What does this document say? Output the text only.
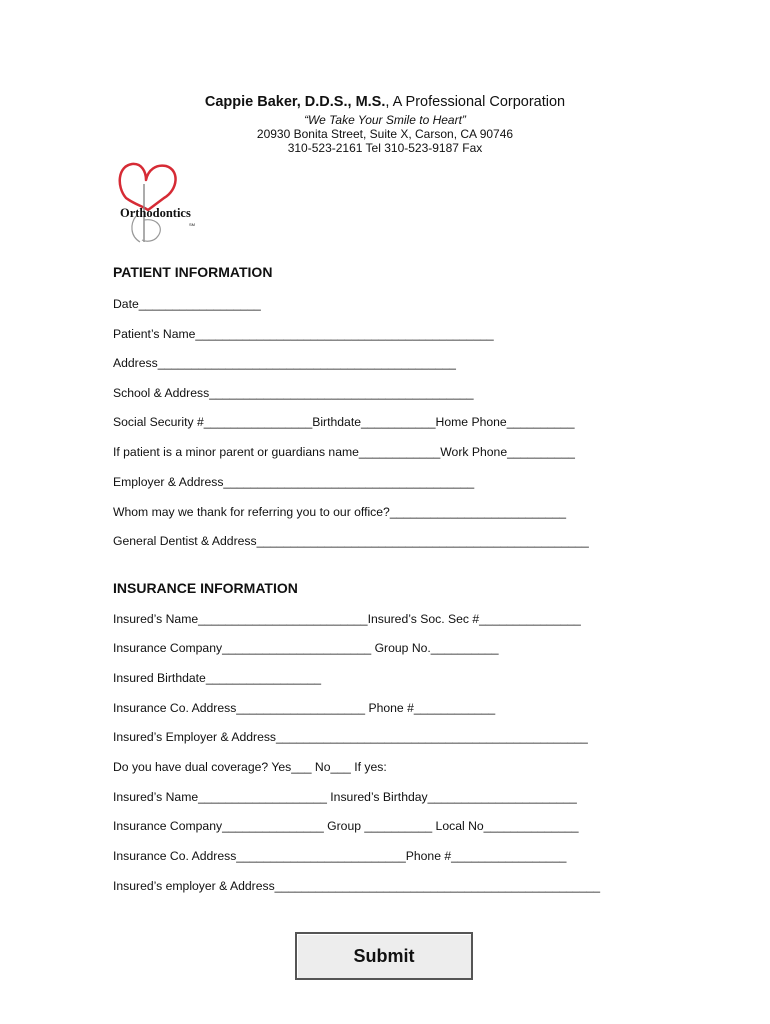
Cappie Baker, D.D.S., M.S., A Professional Corporation
“We Take Your Smile to Heart”
20930 Bonita Street, Suite X, Carson, CA 90746
310-523-2161 Tel 310-523-9187 Fax
Orthodontics
SM
PATIENT INFORMATION
Date__________________
Patient’s Name____________________________________________
Address____________________________________________
School & Address_______________________________________
Social Security #________________Birthdate___________Home Phone__________
If patient is a minor parent or guardians name____________Work Phone__________
Employer & Address_____________________________________
Whom may we thank for referring you to our office?__________________________
General Dentist & Address_________________________________________________
INSURANCE INFORMATION
Insured’s Name_________________________Insured’s Soc. Sec #_______________
Insurance Company______________________ Group No.__________
Insured Birthdate_________________
Insurance Co. Address___________________ Phone #____________
Insured’s Employer & Address______________________________________________
Do you have dual coverage? Yes___ No___ If yes:
Insured’s Name___________________ Insured’s Birthday______________________
Insurance Company_______________ Group __________ Local No______________
Insurance Co. Address_________________________Phone #_________________
Insured’s employer & Address________________________________________________
Submit
